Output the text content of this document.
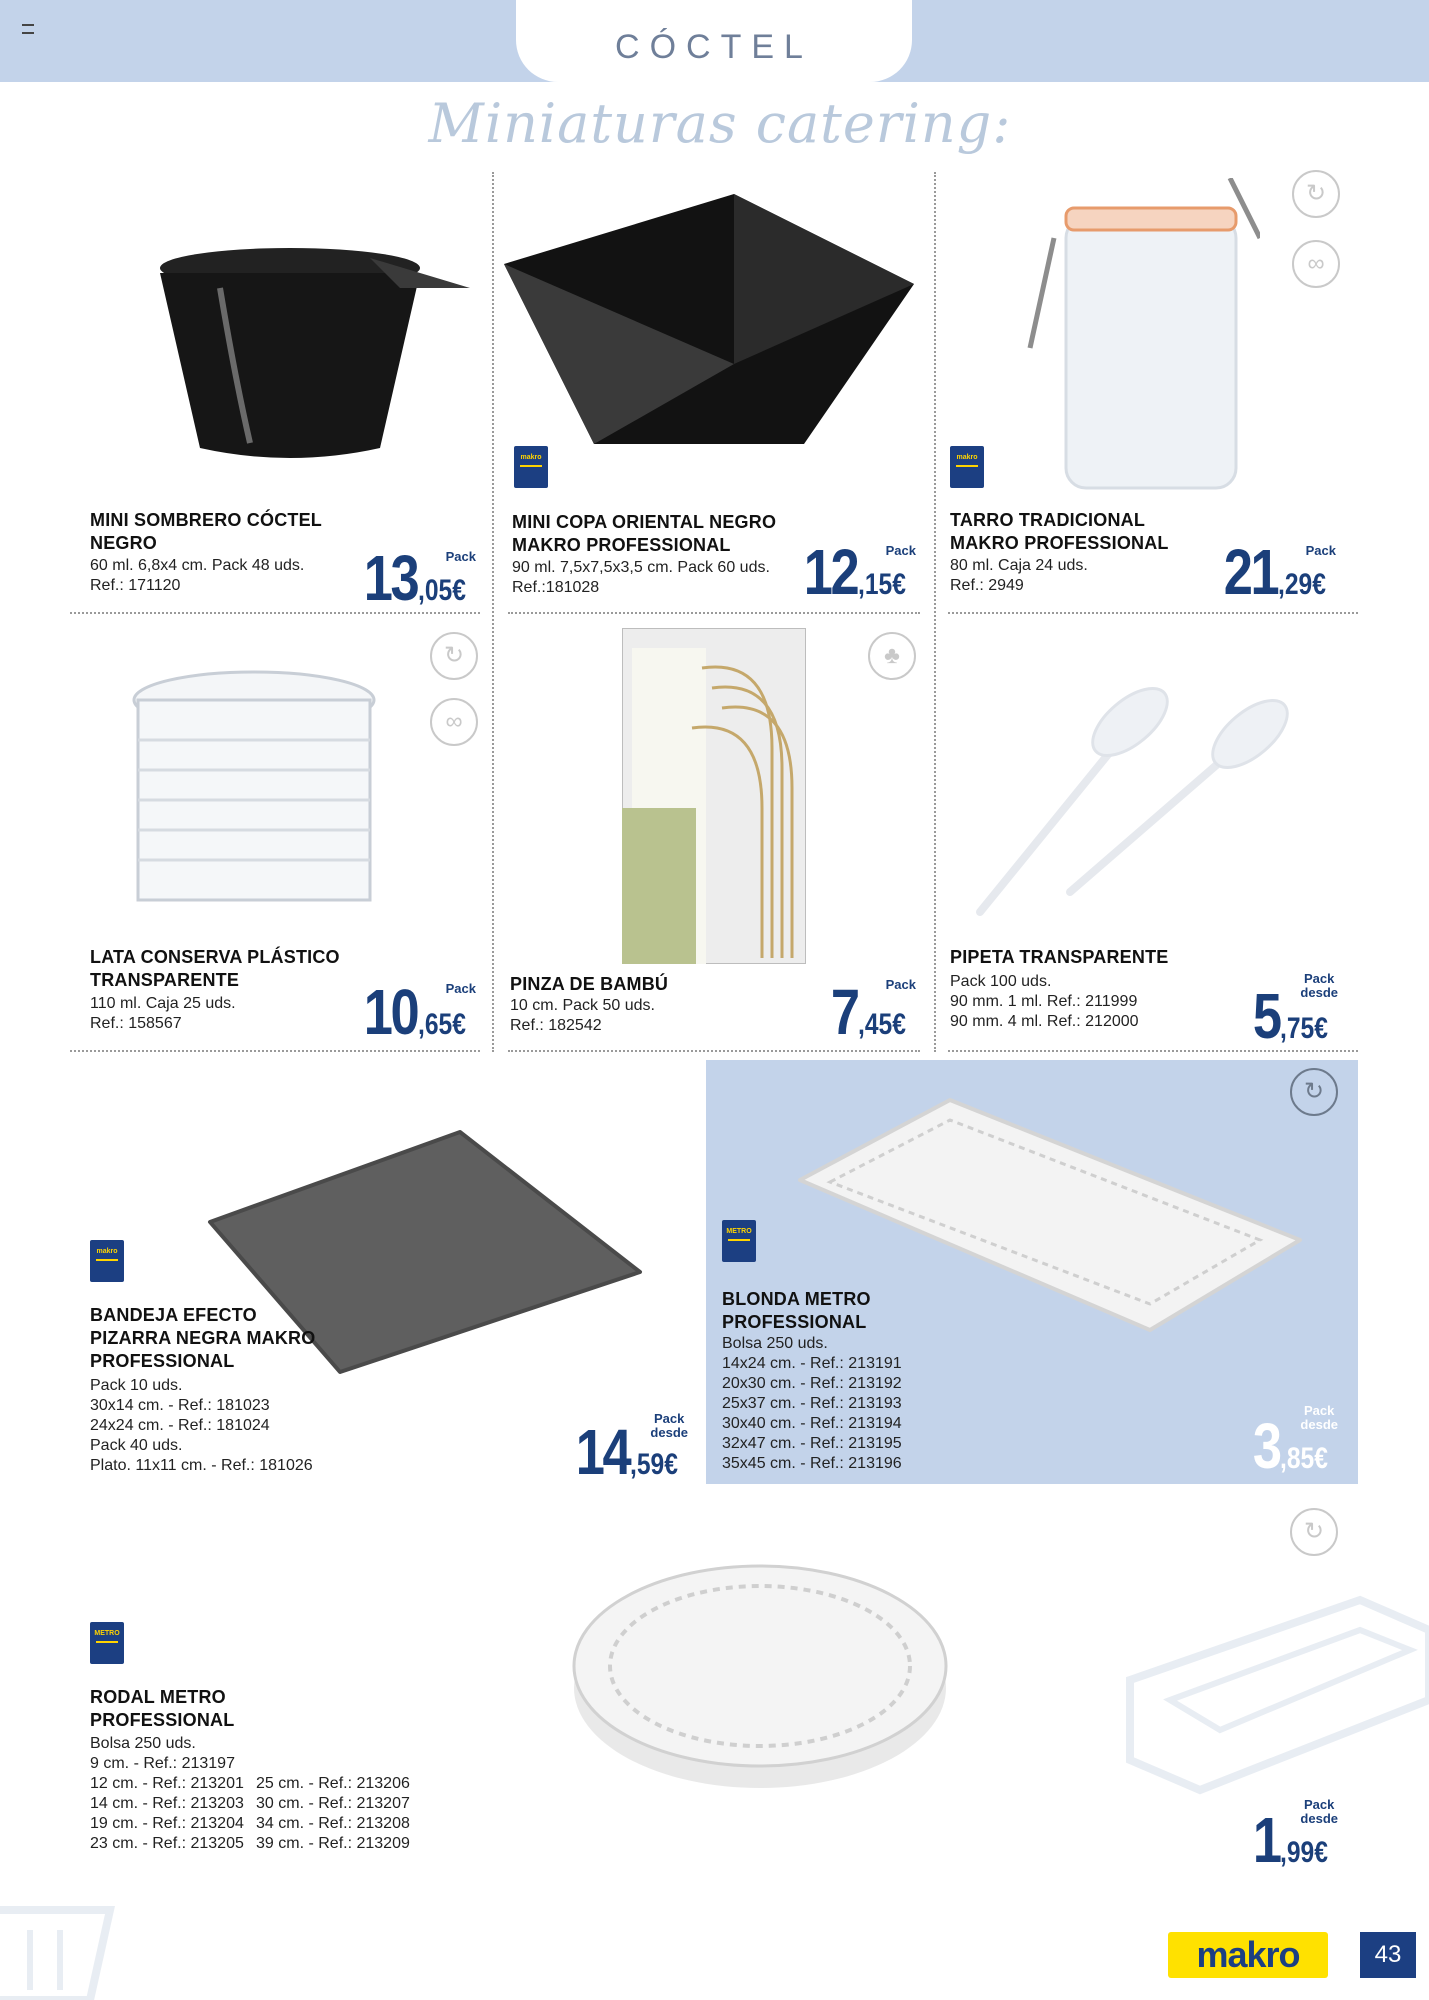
CÓCTEL
Miniaturas catering:
MINI SOMBRERO CÓCTEL NEGRO
60 ml. 6,8x4 cm. Pack 48 uds.
Ref.: 171120
Pack
13,05€
makro
MINI COPA ORIENTAL NEGRO MAKRO PROFESSIONAL
90 ml. 7,5x7,5x3,5 cm. Pack 60 uds.
Ref.:181028
Pack
12,15€
↻
∞
makro
TARRO TRADICIONAL MAKRO PROFESSIONAL
80 ml. Caja 24 uds.
Ref.: 2949
Pack
21,29€
↻
∞
LATA CONSERVA PLÁSTICO TRANSPARENTE
110 ml. Caja 25 uds.
Ref.: 158567
Pack
10,65€
♣
PINZA DE BAMBÚ
10 cm. Pack 50 uds.
Ref.: 182542
Pack
7,45€
PIPETA TRANSPARENTE
Pack 100 uds.
90 mm. 1 ml. Ref.: 211999
90 mm. 4 ml. Ref.: 212000
Pack
desde
5,75€
makro
BANDEJA EFECTO PIZARRA NEGRA MAKRO PROFESSIONAL
Pack 10 uds.
30x14 cm. - Ref.: 181023
24x24 cm. - Ref.: 181024
Pack 40 uds.
Plato. 11x11 cm. - Ref.: 181026
Pack
desde
14,59€
↻
METRO
BLONDA METRO PROFESSIONAL
Bolsa 250 uds.
14x24 cm. - Ref.: 213191
20x30 cm. - Ref.: 213192
25x37 cm. - Ref.: 213193
30x40 cm. - Ref.: 213194
32x47 cm. - Ref.: 213195
35x45 cm. - Ref.: 213196
Pack
desde
3,85€
↻
METRO
RODAL METRO PROFESSIONAL
Bolsa 250 uds.
9 cm. - Ref.: 213197
12 cm. - Ref.: 213201
14 cm. - Ref.: 213203
19 cm. - Ref.: 213204
23 cm. - Ref.: 213205
25 cm. - Ref.: 213206
30 cm. - Ref.: 213207
34 cm. - Ref.: 213208
39 cm. - Ref.: 213209
Pack
desde
1,99€
makro	43
